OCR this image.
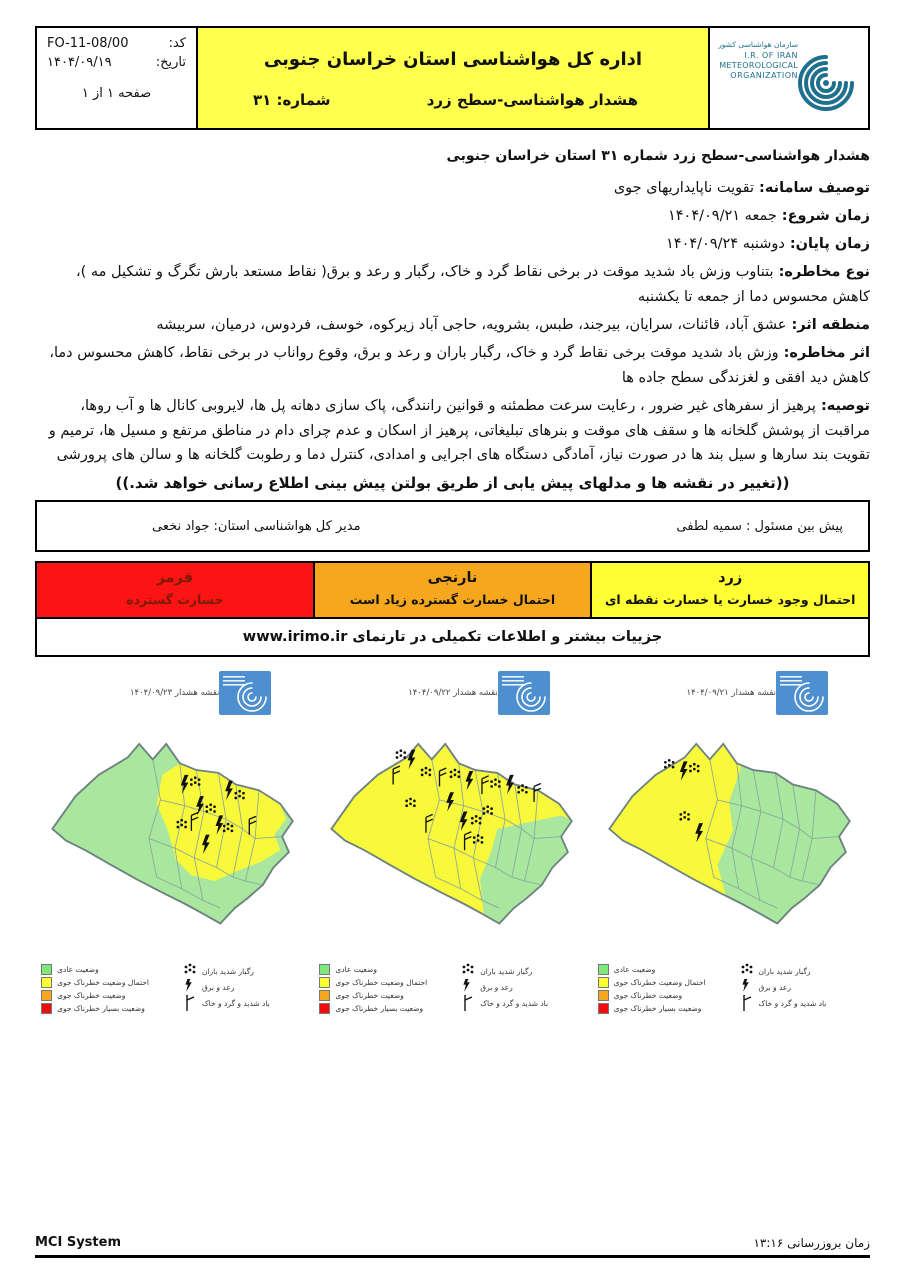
کد:
FO-11-08/00
تاریخ:
۱۴۰۴/۰۹/۱۹
صفحه ۱ از ۱
اداره کل هواشناسی استان خراسان جنوبی
هشدار هواشناسی-سطح زرد
شماره: ۳۱
سازمان هواشناسی کشور
I.R. OF IRAN
METEOROLOGICAL
ORGANIZATION

هشدار هواشناسی-سطح زرد شماره ۳۱ استان خراسان جنوبی

توصیف سامانه:تقویت ناپایداریهای جوی

زمان شروع:جمعه ۱۴۰۴/۰۹/۲۱

زمان پایان:دوشنبه ۱۴۰۴/۰۹/۲۴

نوع مخاطره:بتناوب وزش باد شدید موقت در برخی نقاط گرد و خاک، رگبار و رعد و برق( نقاط مستعد بارش تگرگ و تشکیل مه )، کاهش محسوس دما از جمعه تا یکشنبه

منطقه اثر:عشق آباد، قائنات، سرایان، بیرجند، طبس، بشرویه، حاجی آباد زیرکوه، خوسف، فردوس، درمیان، سربیشه

اثر مخاطره:وزش باد شدید موقت برخی نقاط گرد و خاک، رگبار باران و رعد و برق، وقوع رواناب در برخی نقاط، کاهش محسوس دما، کاهش دید افقی و لغزندگی سطح جاده ها

توصیه:پرهیز از سفرهای غیر ضرور ، رعایت سرعت مطمئنه و قوانین رانندگی، پاک سازی دهانه پل ها، لایروبی کانال ها و آب روها، مراقبت از پوشش گلخانه ها و سقف های موقت و بنرهای تبلیغاتی، پرهیز از اسکان و عدم چرای دام در مناطق مرتفع و مسیل ها، ترمیم و تقویت بند سارها و سیل بند ها در صورت نیاز، آمادگی دستگاه های اجرایی و امدادی، کنترل دما و رطوبت گلخانه ها و سالن های پرورشی

((تغییر در نقشه ها و مدلهای پیش یابی از طریق بولتن پیش بینی اطلاع رسانی خواهد شد.))
پیش بین مسئول : سمیه لطفی
مدیر کل هواشناسی استان: جواد نخعی
زرد
احتمال وجود خسارت یا خسارت نقطه ای
نارنجی
احتمال خسارت گسترده زیاد است
قرمز
خسارت گسترده
جزییات بیشتر و اطلاعات تکمیلی در تارنمای www.irimo.ir
نقشه هشدار ۱۴۰۴/۰۹/۲۱
وضعیت عادی
احتمال وضعیت خطرناک جوی
وضعیت خطرناک جوی
وضعیت بسیار خطرناک جوی
رگبار شدید باران
رعد و برق
باد شدید و گرد و خاک
نقشه هشدار ۱۴۰۴/۰۹/۲۲
وضعیت عادی
احتمال وضعیت خطرناک جوی
وضعیت خطرناک جوی
وضعیت بسیار خطرناک جوی
رگبار شدید باران
رعد و برق
باد شدید و گرد و خاک
نقشه هشدار ۱۴۰۴/۰۹/۲۳
وضعیت عادی
احتمال وضعیت خطرناک جوی
وضعیت خطرناک جوی
وضعیت بسیار خطرناک جوی
رگبار شدید باران
رعد و برق
باد شدید و گرد و خاک
MCI System	زمان بروزرسانی ۱۳:۱۶
